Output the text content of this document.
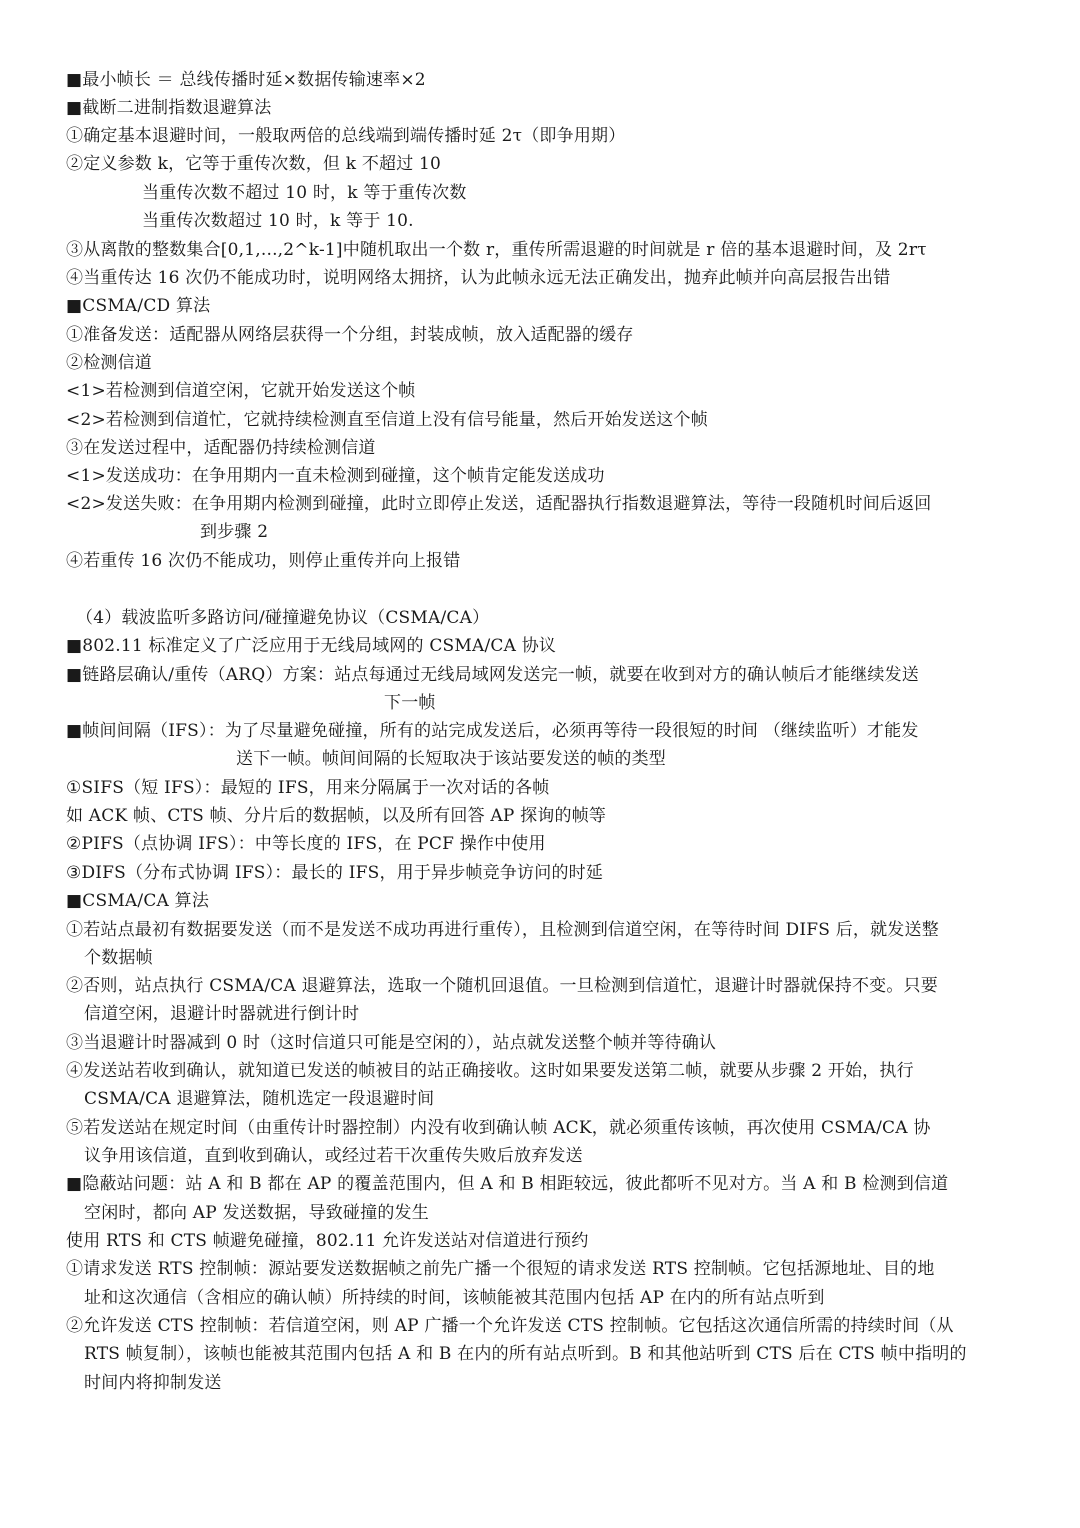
■最小帧长 ＝ 总线传播时延×数据传输速率×2
■截断二进制指数退避算法
①确定基本退避时间，一般取两倍的总线端到端传播时延 2τ（即争用期）
②定义参数 k，它等于重传次数，但 k 不超过 10
当重传次数不超过 10 时，k 等于重传次数
当重传次数超过 10 时，k 等于 10.
③从离散的整数集合[0,1,...,2^k-1]中随机取出一个数 r，重传所需退避的时间就是 r 倍的基本退避时间，及 2rτ
④当重传达 16 次仍不能成功时，说明网络太拥挤，认为此帧永远无法正确发出，抛弃此帧并向高层报告出错
■CSMA/CD 算法
①准备发送：适配器从网络层获得一个分组，封装成帧，放入适配器的缓存
②检测信道
<1>若检测到信道空闲，它就开始发送这个帧
<2>若检测到信道忙，它就持续检测直至信道上没有信号能量，然后开始发送这个帧
③在发送过程中，适配器仍持续检测信道
<1>发送成功：在争用期内一直未检测到碰撞，这个帧肯定能发送成功
<2>发送失败：在争用期内检测到碰撞，此时立即停止发送，适配器执行指数退避算法，等待一段随机时间后返回
到步骤 2
④若重传 16 次仍不能成功，则停止重传并向上报错
（4）载波监听多路访问/碰撞避免协议（CSMA/CA）
■802.11 标准定义了广泛应用于无线局域网的 CSMA/CA 协议
■链路层确认/重传（ARQ）方案：站点每通过无线局域网发送完一帧，就要在收到对方的确认帧后才能继续发送
下一帧
■帧间间隔（IFS）：为了尽量避免碰撞，所有的站完成发送后，必须再等待一段很短的时间 （继续监听）才能发
送下一帧。帧间间隔的长短取决于该站要发送的帧的类型
①SIFS（短 IFS）：最短的 IFS，用来分隔属于一次对话的各帧
如 ACK 帧、CTS 帧、分片后的数据帧，以及所有回答 AP 探询的帧等
②PIFS（点协调 IFS）：中等长度的 IFS，在 PCF 操作中使用
③DIFS（分布式协调 IFS）：最长的 IFS，用于异步帧竞争访问的时延
■CSMA/CA 算法
①若站点最初有数据要发送（而不是发送不成功再进行重传），且检测到信道空闲，在等待时间 DIFS 后，就发送整
个数据帧
②否则，站点执行 CSMA/CA 退避算法，选取一个随机回退值。一旦检测到信道忙，退避计时器就保持不变。只要
信道空闲，退避计时器就进行倒计时
③当退避计时器减到 0 时（这时信道只可能是空闲的），站点就发送整个帧并等待确认
④发送站若收到确认，就知道已发送的帧被目的站正确接收。这时如果要发送第二帧，就要从步骤 2 开始，执行
CSMA/CA 退避算法，随机选定一段退避时间
⑤若发送站在规定时间（由重传计时器控制）内没有收到确认帧 ACK，就必须重传该帧，再次使用 CSMA/CA 协
议争用该信道，直到收到确认，或经过若干次重传失败后放弃发送
■隐蔽站问题：站 A 和 B 都在 AP 的覆盖范围内，但 A 和 B 相距较远，彼此都听不见对方。当 A 和 B 检测到信道
空闲时，都向 AP 发送数据，导致碰撞的发生
使用 RTS 和 CTS 帧避免碰撞，802.11 允许发送站对信道进行预约
①请求发送 RTS 控制帧：源站要发送数据帧之前先广播一个很短的请求发送 RTS 控制帧。它包括源地址、目的地
址和这次通信（含相应的确认帧）所持续的时间，该帧能被其范围内包括 AP 在内的所有站点听到
②允许发送 CTS 控制帧：若信道空闲，则 AP 广播一个允许发送 CTS 控制帧。它包括这次通信所需的持续时间（从
RTS 帧复制），该帧也能被其范围内包括 A 和 B 在内的所有站点听到。B 和其他站听到 CTS 后在 CTS 帧中指明的
时间内将抑制发送
